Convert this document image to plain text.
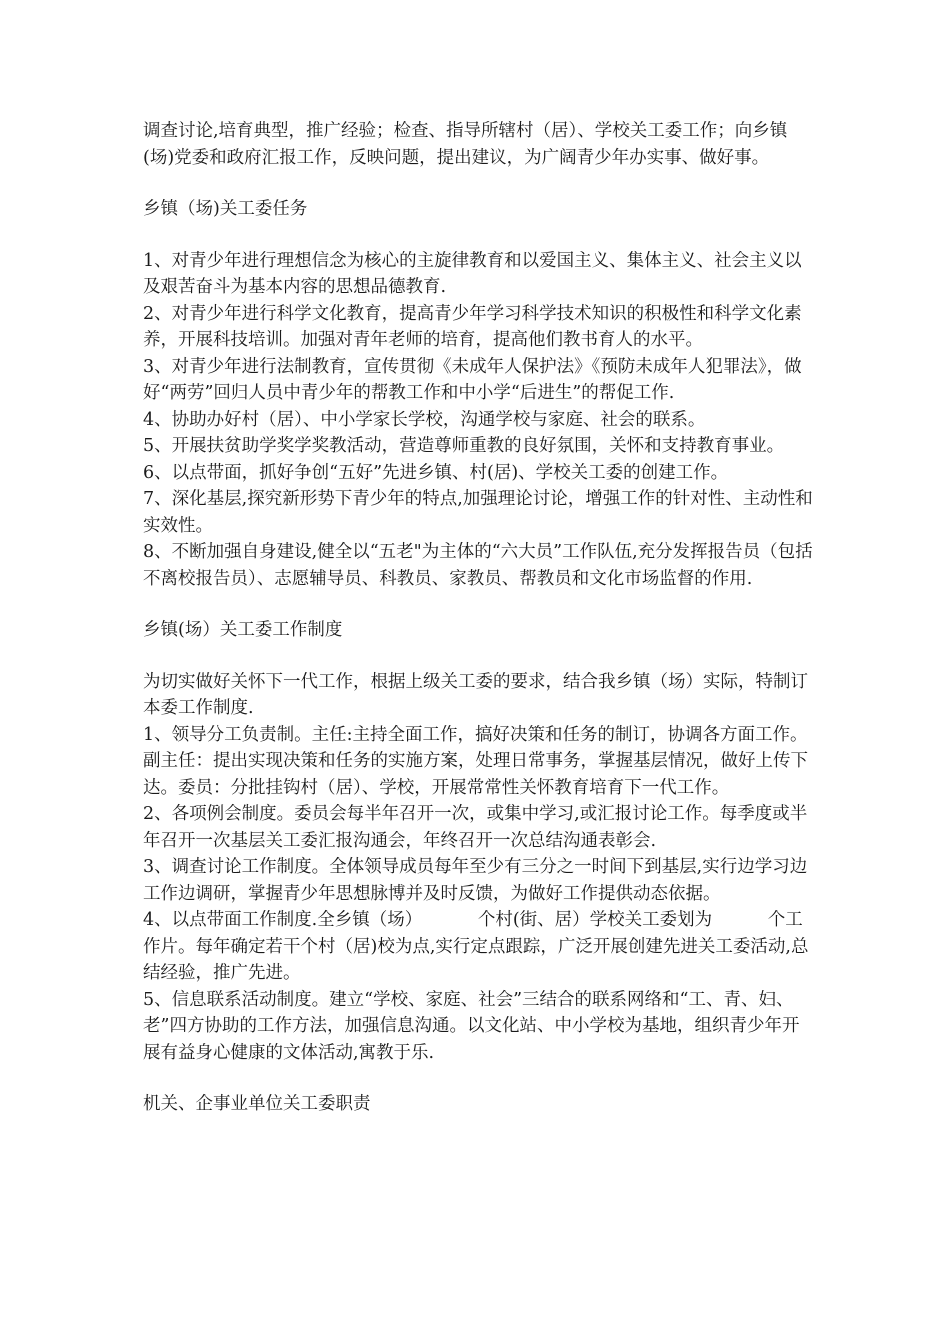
调查讨论,培育典型，推广经验；检查、指导所辖村（居）、学校关工委工作；向乡镇(场)党委和政府汇报工作，反映问题，提出建议，为广阔青少年办实事、做好事。

乡镇（场)关工委任务

1、对青少年进行理想信念为核心的主旋律教育和以爱国主义、集体主义、社会主义以及艰苦奋斗为基本内容的思想品德教育.

2、对青少年进行科学文化教育，提高青少年学习科学技术知识的积极性和科学文化素养，开展科技培训。加强对青年老师的培育，提高他们教书育人的水平。

3、对青少年进行法制教育，宣传贯彻《未成年人保护法》《预防未成年人犯罪法》，做好“两劳”回归人员中青少年的帮教工作和中小学“后进生”的帮促工作.

4、协助办好村（居）、中小学家长学校，沟通学校与家庭、社会的联系。

5、开展扶贫助学奖学奖教活动，营造尊师重教的良好氛围，关怀和支持教育事业。

6、以点带面，抓好争创“五好”先进乡镇、村(居)、学校关工委的创建工作。

7、深化基层,探究新形势下青少年的特点,加强理论讨论，增强工作的针对性、主动性和实效性。

8、不断加强自身建设,健全以“五老"为主体的“六大员”工作队伍,充分发挥报告员（包括不离校报告员）、志愿辅导员、科教员、家教员、帮教员和文化市场监督的作用.

乡镇(场）关工委工作制度

为切实做好关怀下一代工作，根据上级关工委的要求，结合我乡镇（场）实际，特制订本委工作制度.

1、领导分工负责制。主任:主持全面工作，搞好决策和任务的制订，协调各方面工作。副主任：提出实现决策和任务的实施方案，处理日常事务，掌握基层情况，做好上传下达。委员：分批挂钩村（居）、学校，开展常常性关怀教育培育下一代工作。

2、各项例会制度。委员会每半年召开一次，或集中学习,或汇报讨论工作。每季度或半年召开一次基层关工委汇报沟通会，年终召开一次总结沟通表彰会.

3、调查讨论工作制度。全体领导成员每年至少有三分之一时间下到基层,实行边学习边工作边调研，掌握青少年思想脉博并及时反馈，为做好工作提供动态依据。

4、以点带面工作制度.全乡镇（场）          个村(街、居）学校关工委划为          个工作片。每年确定若干个村（居)校为点,实行定点跟踪，广泛开展创建先进关工委活动,总结经验，推广先进。

5、信息联系活动制度。建立“学校、家庭、社会”三结合的联系网络和“工、青、妇、老”四方协助的工作方法，加强信息沟通。以文化站、中小学校为基地，组织青少年开展有益身心健康的文体活动,寓教于乐.

机关、企事业单位关工委职责
